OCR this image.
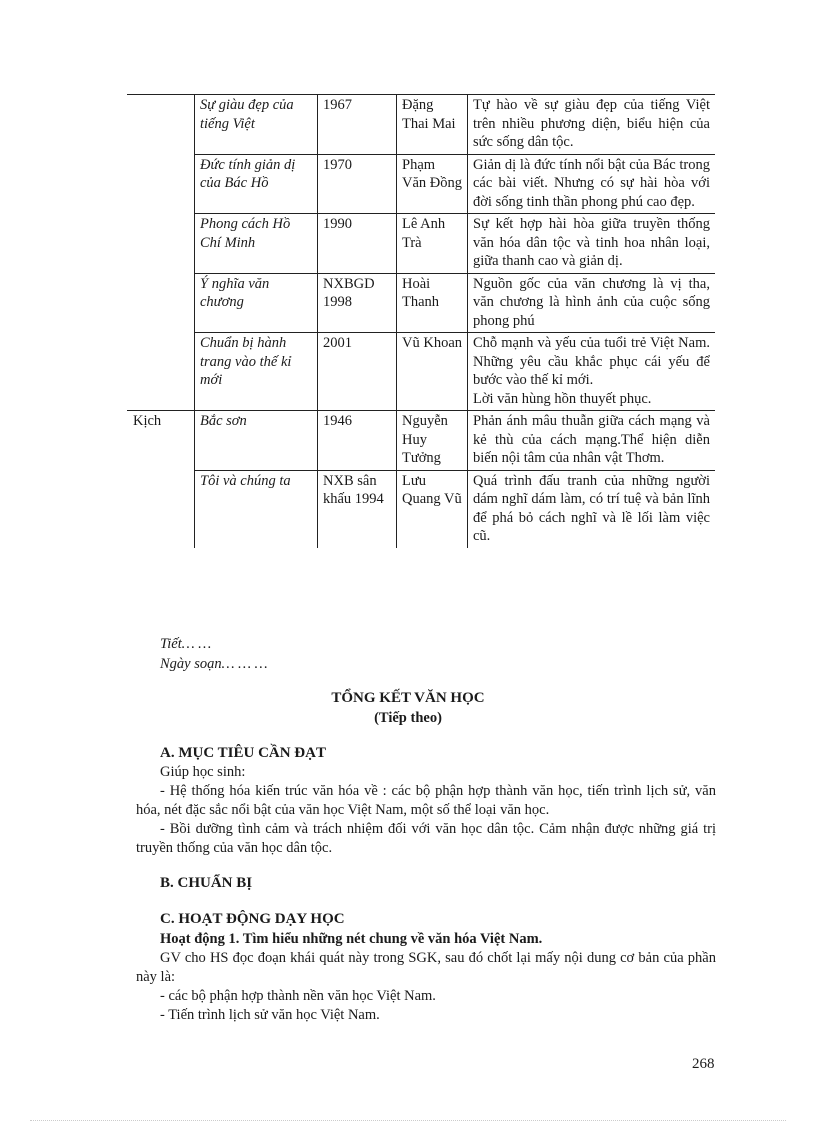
	Sự giàu đẹp của tiếng Việt	1967	Đặng Thai Mai	Tự hào về sự giàu đẹp của tiếng Việt trên nhiều phương diện, biểu hiện của sức sống dân tộc.

	Đức tính giản dị của Bác Hồ	1970	Phạm Văn Đồng	Giản dị là đức tính nổi bật của Bác trong các bài viết. Nhưng có sự hài hòa với đời sống tinh thần phong phú cao đẹp.

	Phong cách Hồ Chí Minh	1990	Lê Anh Trà	Sự kết hợp hài hòa giữa truyền thống văn hóa dân tộc và tinh hoa nhân loại, giữa thanh cao và giản dị.

	Ý nghĩa văn chương	NXBGD 1998	Hoài Thanh	Nguồn gốc của văn chương là vị tha, văn chương là hình ảnh của cuộc sống phong phú

	Chuẩn bị hành trang vào thế kỉ mới	2001	Vũ Khoan	Chỗ mạnh và yếu của tuổi trẻ Việt Nam. Những yêu cầu khắc phục cái yếu để bước vào thế kỉ mới.
Lời văn hùng hồn thuyết phục.

Kịch	Bắc sơn	1946	Nguyễn Huy Tưởng	Phản ánh mâu thuẫn giữa cách mạng và kẻ thù của cách mạng.Thể hiện diễn biến nội tâm của nhân vật Thơm.

	Tôi và chúng ta	NXB sân khấu 1994	Lưu Quang Vũ	Quá trình đấu tranh của những người dám nghĩ dám làm, có trí tuệ và bản lĩnh để phá bỏ cách nghĩ và lề lối làm việc cũ.
Tiết… …
Ngày soạn… … …
TỔNG KẾT VĂN HỌC
(Tiếp theo)
A. MỤC TIÊU CẦN ĐẠT
Giúp học sinh:
- Hệ thống hóa kiến trúc văn hóa về : các bộ phận hợp thành văn học, tiến trình lịch sử, văn hóa, nét đặc sắc nổi bật của văn học Việt Nam, một số thể loại văn học.
- Bồi dưỡng tình cảm và trách nhiệm đối với văn học dân tộc. Cảm nhận được những giá trị truyền thống của văn học dân tộc.
B. CHUẨN BỊ
C. HOẠT ĐỘNG DẠY HỌC
Hoạt động 1. Tìm hiểu những nét chung về văn hóa Việt Nam.
GV cho HS đọc đoạn khái quát này trong SGK, sau đó chốt lại mấy nội dung cơ bản của phần này là:
- các bộ phận hợp thành nền văn học Việt Nam.
- Tiến trình lịch sử văn học Việt Nam.
268
